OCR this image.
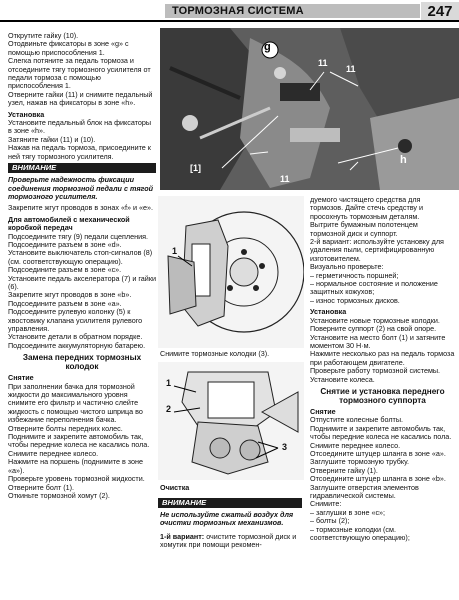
ТОРМОЗНАЯ СИСТЕМА	247

Открутите гайку (10).

Отодвиньте фиксаторы в зоне «g» с помощью приспособления 1.

Слегка потяните за педаль тормоза и отсоедините тягу тормозного усилителя от педали тормоза с помощью приспособления 1.

Отверните гайки (11) и снимите педальный узел, нажав на фиксаторы в зоне «h».

Установка

Установите педальный блок на фиксаторы в зоне «h».

Затяните гайки (11) и (10).

Нажав на педаль тормоза, присоедините к ней тягу тормозного усилителя.

ВНИМАНИЕ

Проверьте надежность фиксации соединения тормозной педали с тягой тормозного усилителя.

Закрепите жгут проводов в зонах «f» и «e».

Для автомобилей с механической коробкой передач

Подсоедините тягу (9) педали сцепления.

Подсоедините разъем в зоне «d».

Установите выключатель стоп-сигналов (8) (см. соответствующую операцию).

Подсоедините разъем в зоне «c».

Установите педаль акселератора (7) и гайки (6).

Закрепите жгут проводов в зоне «b».

Подсоедините разъем в зоне «a».

Подсоедините рулевую колонку (5) к хвостовику клапана усилителя рулевого управления.

Установите детали в обратном порядке.

Подсоедините аккумуляторную батарею.

Замена передних тормозных колодок

Снятие

При заполнении бачка для тормозной жидкости до максимального уровня снимите его фильтр и частично слейте жидкость с помощью чистого шприца во избежание переполнения бачка.

Отверните болты передних колес.

Поднимите и закрепите автомобиль так, чтобы передние колеса не касались пола.

Снимите переднее колесо.

Нажмите на поршень (поднимите в зоне «a»).

Проверьте уровень тормозной жидкости.

Отверните болт (1).

Откиньте тормозной хомут (2).

g
11
11
[1]
h
11
1
Снимите тормозные колодки (3).
2
1
3
Очистка
ВНИМАНИЕ
Не используйте сжатый воздух для очистки тормозных механизмов.
1-й вариант: очистите тормозной диск и хомутик при помощи рекомен-

дуемого чистящего средства для тормозов. Дайте стечь средству и просохнуть тормозным деталям.

Вытрите бумажным полотенцем тормозной диск и суппорт.

2-й вариант: используйте установку для удаления пыли, сертифицированную изготовителем.

Визуально проверьте:

– герметичность поршней;

– нормальное состояние и положение защитных кожухов;

– износ тормозных дисков.

Установка

Установите новые тормозные колодки. Поверните суппорт (2) на свой опоре.

Установите на место болт (1) и затяните моментом 30 Н·м.

Нажмите несколько раз на педаль тормоза при работающем двигателе.

Проверьте работу тормозной системы.

Установите колеса.

Снятие и установка переднего тормозного суппорта

Снятие

Отпустите колесные болты.

Поднимите и закрепите автомобиль так, чтобы передние колеса не касались пола.

Снимите переднее колесо.

Отсоедините штуцер шланга в зоне «a».

Заглушите тормозную трубку.

Отверните гайку (1).

Отсоедините штуцер шланга в зоне «b».

Заглушите отверстия элементов гидравлической системы.

Снимите:

– заглушки в зоне «c»;

– болты (2);

– тормозные колодки (см. соответствующую операцию);
